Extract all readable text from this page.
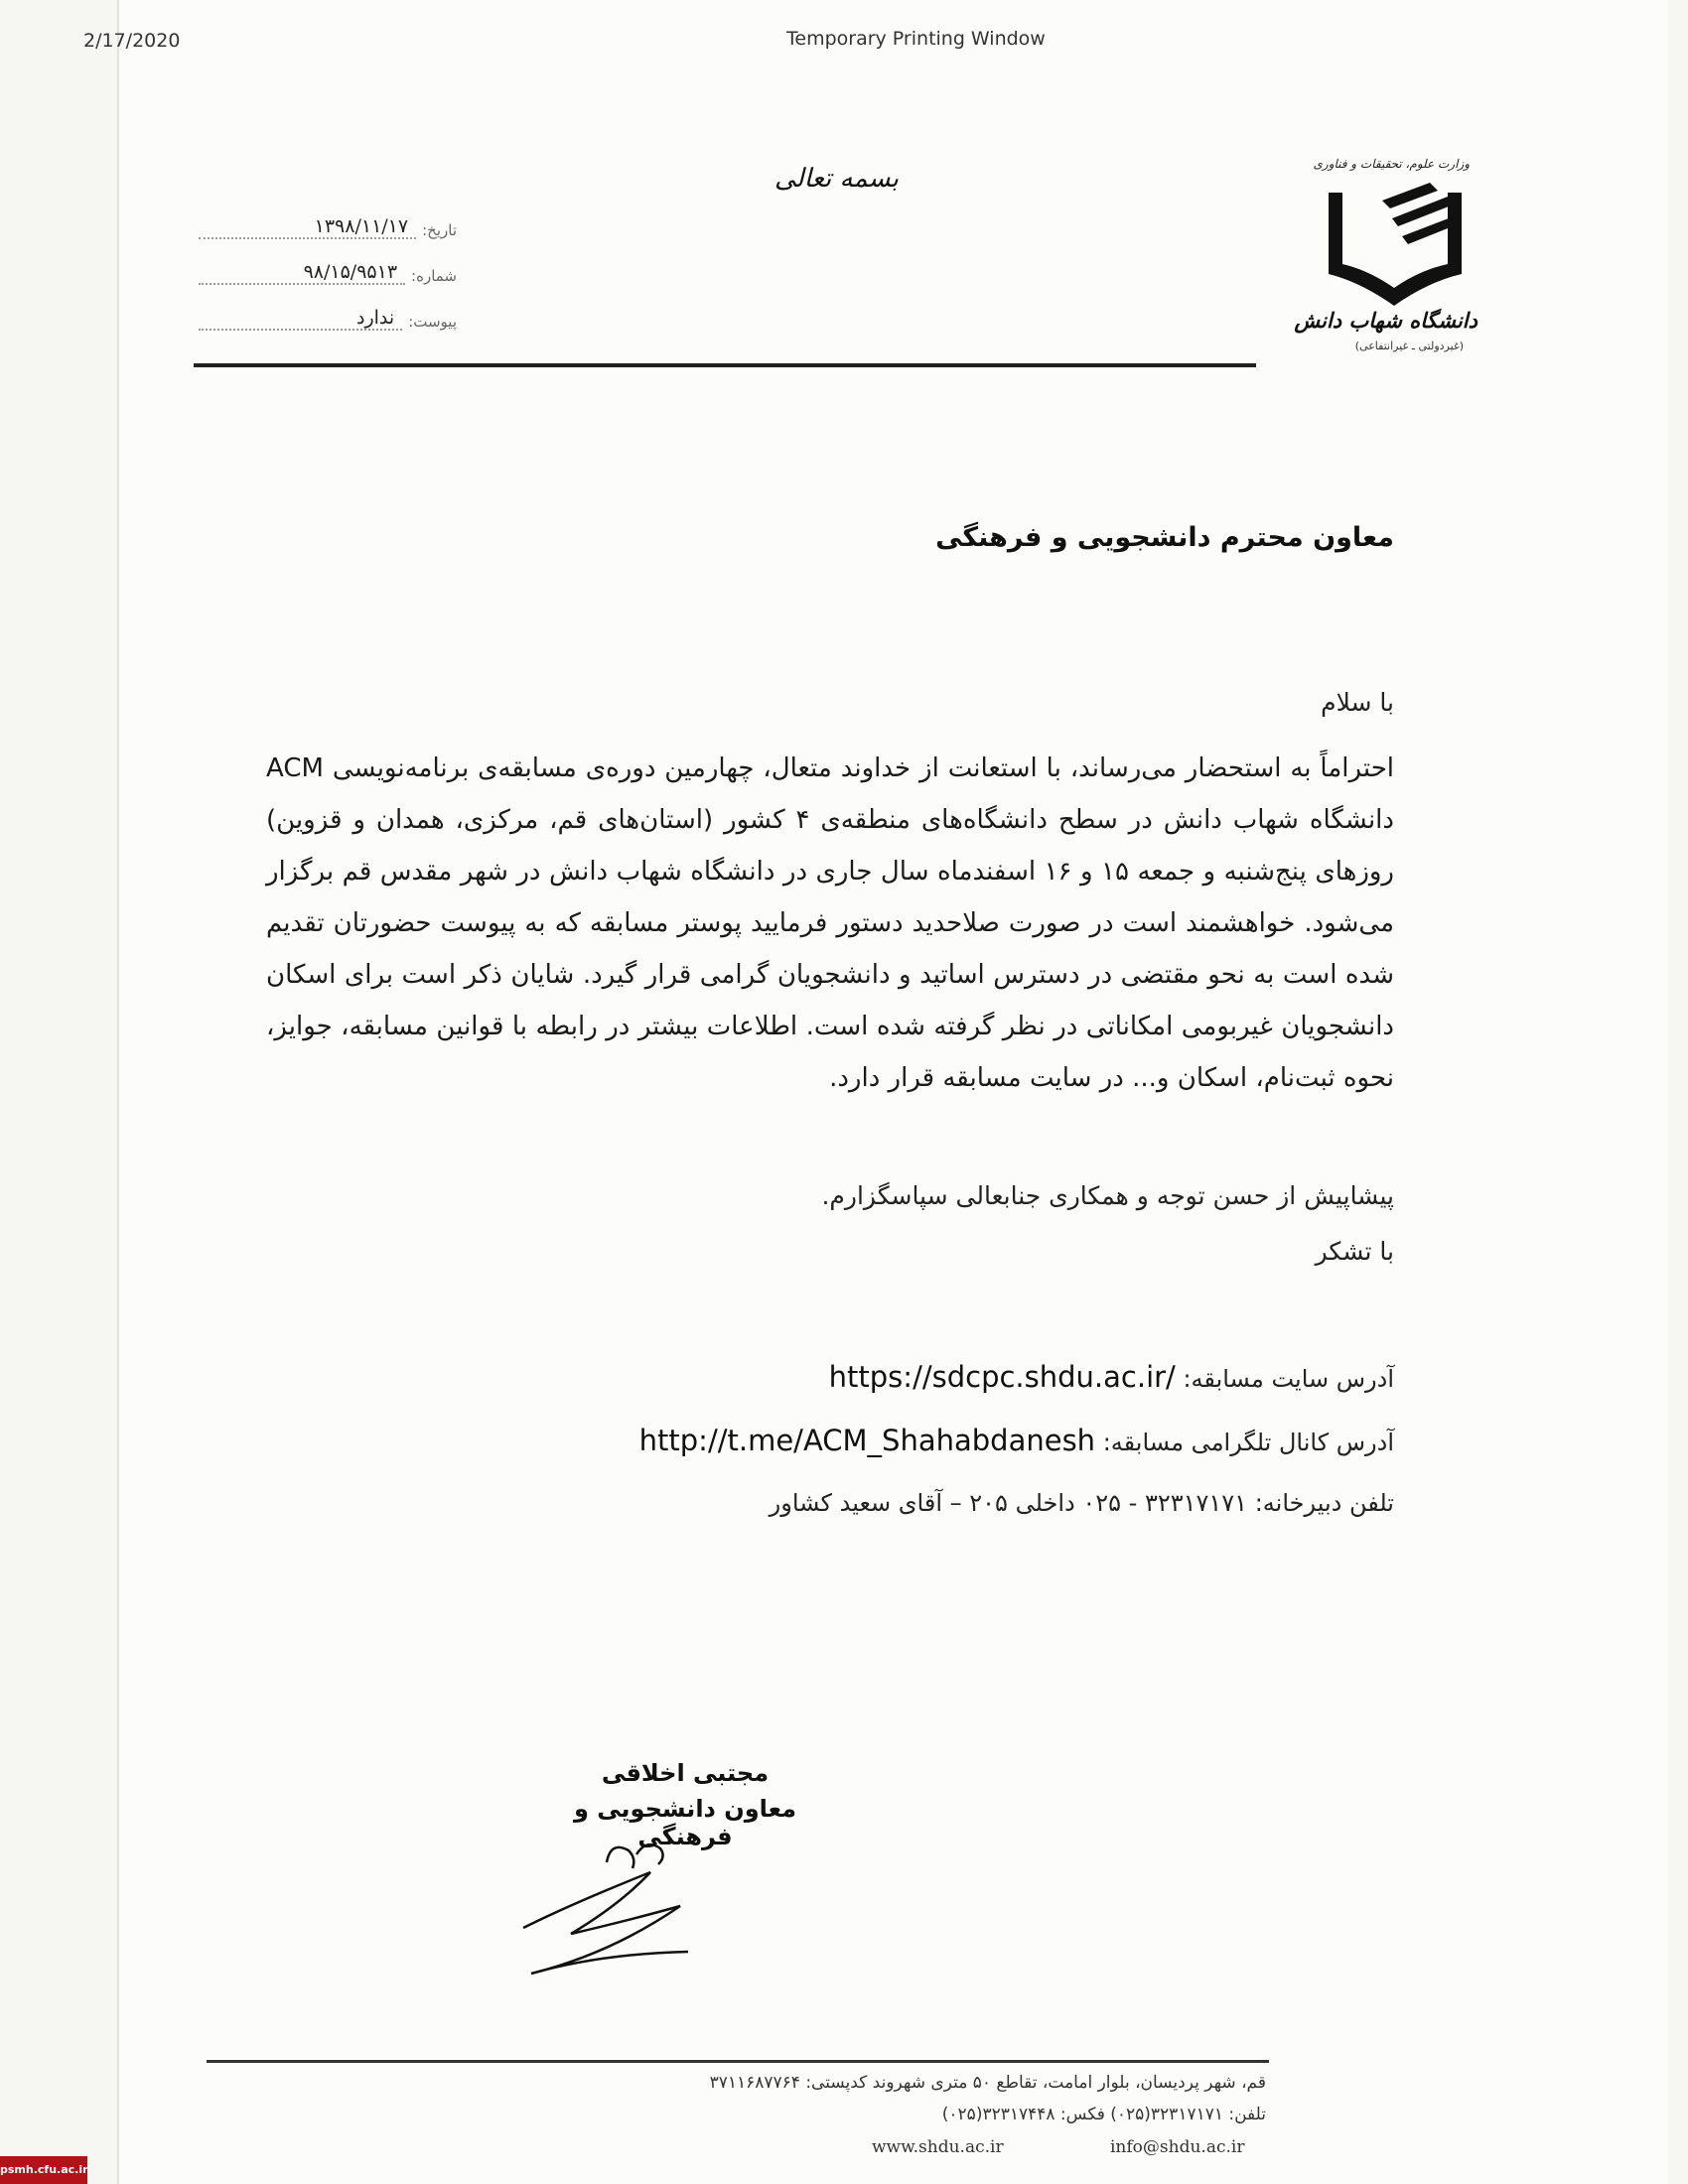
2/17/2020	Temporary Printing Window
بسمه تعالی
تاریخ:
۱۳۹۸/۱۱/۱۷
شماره:
۹۸/۱۵/۹۵۱۳
پیوست:
ندارد
وزارت علوم، تحقیقات و فناوری
دانشگاه شهاب دانش
(غیردولتی ـ غیرانتفاعی)
معاون محترم دانشجویی و فرهنگی
با سلام
احتراماً به استحضار می‌رساند، با استعانت از خداوند متعال، چهارمین دوره‌ی مسابقه‌ی برنامه‌نویسی ACM دانشگاه شهاب دانش در سطح دانشگاه‌های منطقه‌ی ۴ کشور (استان‌های قم، مرکزی، همدان و قزوین) روزهای پنج‌شنبه و جمعه ۱۵ و ۱۶ اسفندماه سال جاری در دانشگاه شهاب دانش در شهر مقدس قم برگزار می‌شود. خواهشمند است در صورت صلاحدید دستور فرمایید پوستر مسابقه که به پیوست حضورتان تقدیم شده است به نحو مقتضی در دسترس اساتید و دانشجویان گرامی قرار گیرد. شایان ذکر است برای اسکان دانشجویان غیربومی امکاناتی در نظر گرفته شده است. اطلاعات بیشتر در رابطه با قوانین مسابقه، جوایز، نحوه ثبت‌نام، اسکان و... در سایت مسابقه قرار دارد.
پیشاپیش از حسن توجه و همکاری جنابعالی سپاسگزارم.
با تشکر
آدرس سایت مسابقه: https://sdcpc.shdu.ac.ir/
آدرس کانال تلگرامی مسابقه: http://t.me/ACM_Shahabdanesh
تلفن دبیرخانه: ۳۲۳۱۷۱۷۱ - ۰۲۵ داخلی ۲۰۵ – آقای سعید کشاور
مجتبی اخلاقی
معاون دانشجویی و فرهنگی
قم، شهر پردیسان، بلوار امامت، تقاطع ۵۰ متری شهروند کدپستی: ۳۷۱۱۶۸۷۷۶۴
تلفن: ۳۲۳۱۷۱۷۱(۰۲۵) فکس: ۳۲۳۱۷۴۴۸(۰۲۵)
www.shdu.ac.ir	info@shdu.ac.ir
psmh.cfu.ac.ir
